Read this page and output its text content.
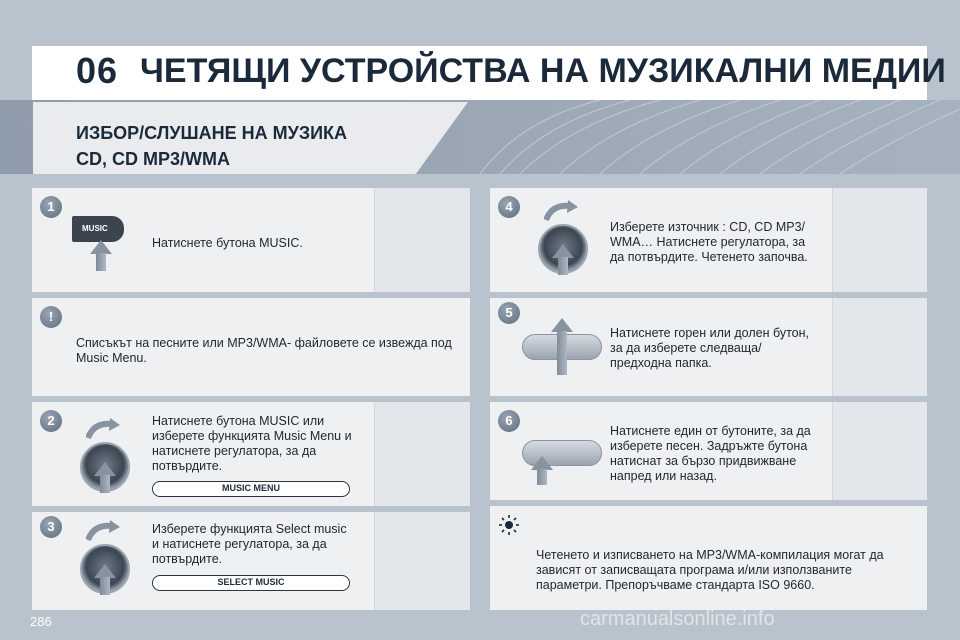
06 ЧЕТЯЩИ УСТРОЙСТВА НА МУЗИКАЛНИ МЕДИИ
ИЗБОР/СЛУШАНЕ НА МУЗИКА
CD, CD MP3/WMA
1
MUSIC
Натиснете бутона MUSIC.
!
Списъкът на песните или MP3/WMA- файловете се извежда под Music Menu.
2	Натиснете бутона MUSIC или изберете функцията Music Menu и натиснете регулатора, за да потвърдите.
MUSIC MENU
3	Изберете функцията Select music и натиснете регулатора, за да потвърдите.
SELECT MUSIC
4
Изберете източник : CD, CD MP3/ WMA… Натиснете регулатора, за да потвърдите. Четенето започва.
5
Натиснете горен или долен бутон, за да изберете следваща/ предходна папка.
6
Натиснете един от бутоните, за да изберете песен. Задръжте бутона натиснат за бързо придвижване напред или назад.
Четенето и изписването на MP3/WMA-компилация могат да зависят от записващата програма и/или използваните параметри. Препоръчваме стандарта ISO 9660.
286	carmanualsonline.info
